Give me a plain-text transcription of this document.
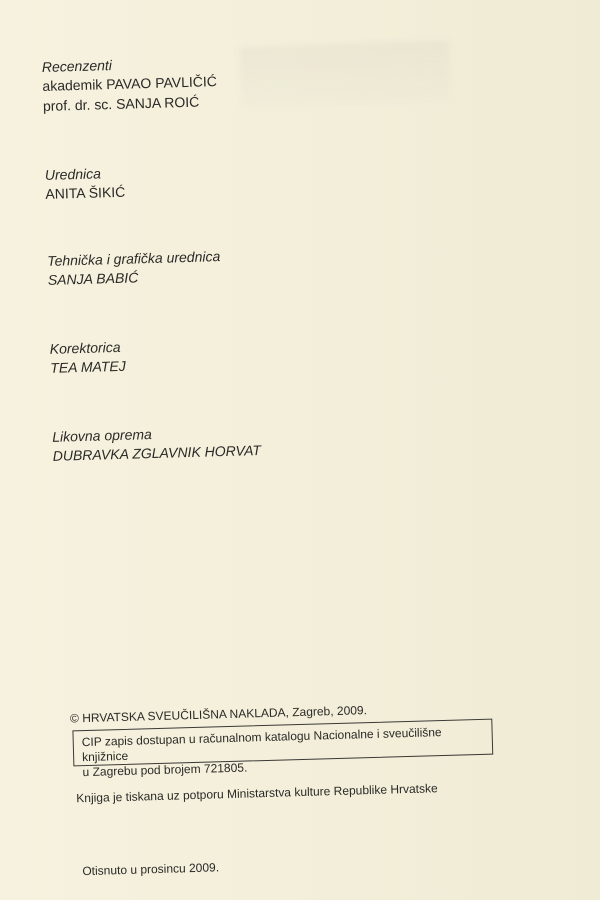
Recenzenti

akademik PAVAO PAVLIČIĆ

prof. dr. sc. SANJA ROIĆ

Urednica

ANITA ŠIKIĆ

Tehnička i grafička urednica

SANJA BABIĆ

Korektorica

TEA MATEJ

Likovna oprema

DUBRAVKA ZGLAVNIK HORVAT

© HRVATSKA SVEUČILIŠNA NAKLADA, Zagreb, 2009.

CIP zapis dostupan u računalnom katalogu Nacionalne i sveučilišne knjižnice
u Zagrebu pod brojem 721805.

Knjiga je tiskana uz potporu Ministarstva kulture Republike Hrvatske

Otisnuto u prosincu 2009.
